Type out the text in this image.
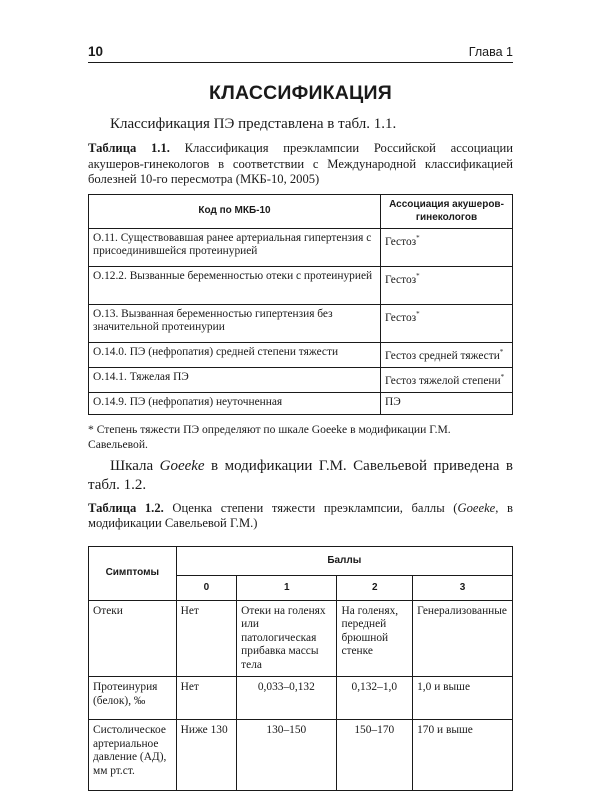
10	Глава 1
КЛАССИФИКАЦИЯ

Классификация ПЭ представлена в табл. 1.1.

Таблица 1.1. Классификация преэклампсии Российской ассоциации акушеров-гинекологов в соответствии с Международной классификацией болезней 10-го пересмотра (МКБ-10, 2005)

Код по МКБ-10	Ассоциация акушеров-гинекологов
О.11. Существовавшая ранее артериальная гипертензия с присоединившейся протеинурией	Гестоз*
О.12.2. Вызванные беременностью отеки с протеинурией	Гестоз*
О.13. Вызванная беременностью гипертензия без значительной протеинурии	Гестоз*
О.14.0. ПЭ (нефропатия) средней степени тяжести	Гестоз средней тяжести*
О.14.1. Тяжелая ПЭ	Гестоз тяжелой степени*
О.14.9. ПЭ (нефропатия) неуточненная	ПЭ

* Степень тяжести ПЭ определяют по шкале Goeeke в модификации Г.М. Савельевой.

Шкала Goeeke в модификации Г.М. Савельевой приведена в табл. 1.2.

Таблица 1.2. Оценка степени тяжести преэклампсии, баллы (Goeeke, в модификации Савельевой Г.М.)

Симптомы	Баллы			
	0	1	2	3
Отеки	Нет	Отеки на голенях или патологическая прибавка массы тела	На голенях, передней брюшной стенке	Генерализованные
Протеинурия (белок), ‰	Нет	0,033–0,132	0,132–1,0	1,0 и выше
Систолическое артериальное давление (АД), мм рт.ст.	Ниже 130	130–150	150–170	170 и выше
